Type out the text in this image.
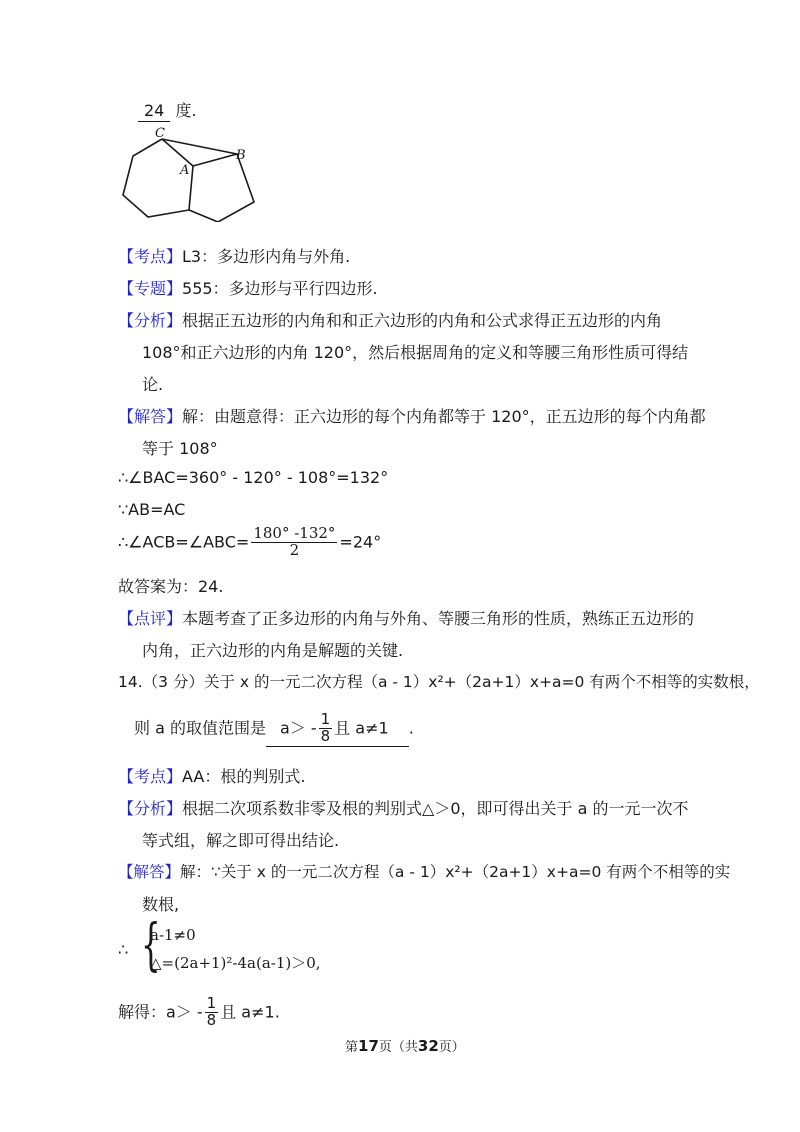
24 度.
C
A
B
【考点】L3：多边形内角与外角.
【专题】555：多边形与平行四边形.
【分析】根据正五边形的内角和和正六边形的内角和公式求得正五边形的内角
108°和正六边形的内角 120°，然后根据周角的定义和等腰三角形性质可得结
论.
【解答】解：由题意得：正六边形的每个内角都等于 120°，正五边形的每个内角都
等于 108°
∴∠BAC=360° - 120° - 108°=132°
∵AB=AC
∴∠ACB=∠ABC= $\frac{180^\circ -132^\circ}{2} =24^\circ$
故答案为：24.
【点评】本题考查了正多边形的内角与外角、等腰三角形的性质，熟练正五边形的
内角，正六边形的内角是解题的关键.
14.（3 分）关于 x 的一元二次方程（a - 1）x²+（2a+1）x+a=0 有两个不相等的实数根，
则 a 的取值范围是 $a> - \frac{1}{8}$ 且 a≠1 .
【考点】AA：根的判别式.
【分析】根据二次项系数非零及根的判别式△＞0，即可得出关于 a 的一元一次不
等式组，解之即可得出结论.
【解答】解：∵关于 x 的一元二次方程（a - 1）x²+（2a+1）x+a=0 有两个不相等的实
数根,
∴ {
a-1≠0
△=(2a+1)²-4a(a-1)＞0,
解得：$a> - \frac{1}{8}$ 且 a≠1.
第17页（共32页）
